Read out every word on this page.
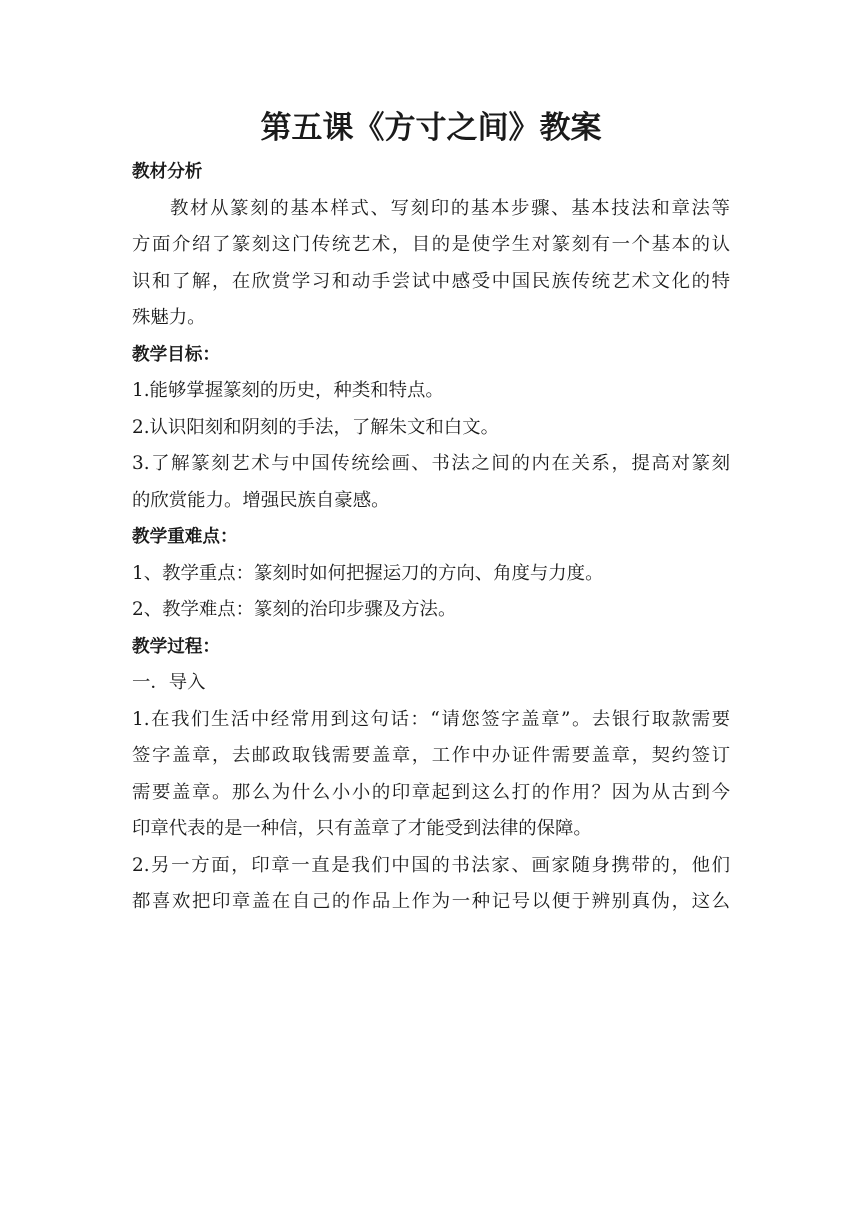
第五课《方寸之间》教案
教材分析
教材从篆刻的基本样式、写刻印的基本步骤、基本技法和章法等
方面介绍了篆刻这门传统艺术，目的是使学生对篆刻有一个基本的认
识和了解，在欣赏学习和动手尝试中感受中国民族传统艺术文化的特
殊魅力。
教学目标：
1.能够掌握篆刻的历史，种类和特点。
2.认识阳刻和阴刻的手法，了解朱文和白文。
3.了解篆刻艺术与中国传统绘画、书法之间的内在关系，提高对篆刻
的欣赏能力。增强民族自豪感。
教学重难点：
1、教学重点：篆刻时如何把握运刀的方向、角度与力度。
2、教学难点：篆刻的治印步骤及方法。
教学过程：
一．导入
1.在我们生活中经常用到这句话：“请您签字盖章”。去银行取款需要
签字盖章，去邮政取钱需要盖章，工作中办证件需要盖章，契约签订
需要盖章。那么为什么小小的印章起到这么打的作用？因为从古到今
印章代表的是一种信，只有盖章了才能受到法律的保障。
2.另一方面，印章一直是我们中国的书法家、画家随身携带的，他们
都喜欢把印章盖在自己的作品上作为一种记号以便于辨别真伪，这么
